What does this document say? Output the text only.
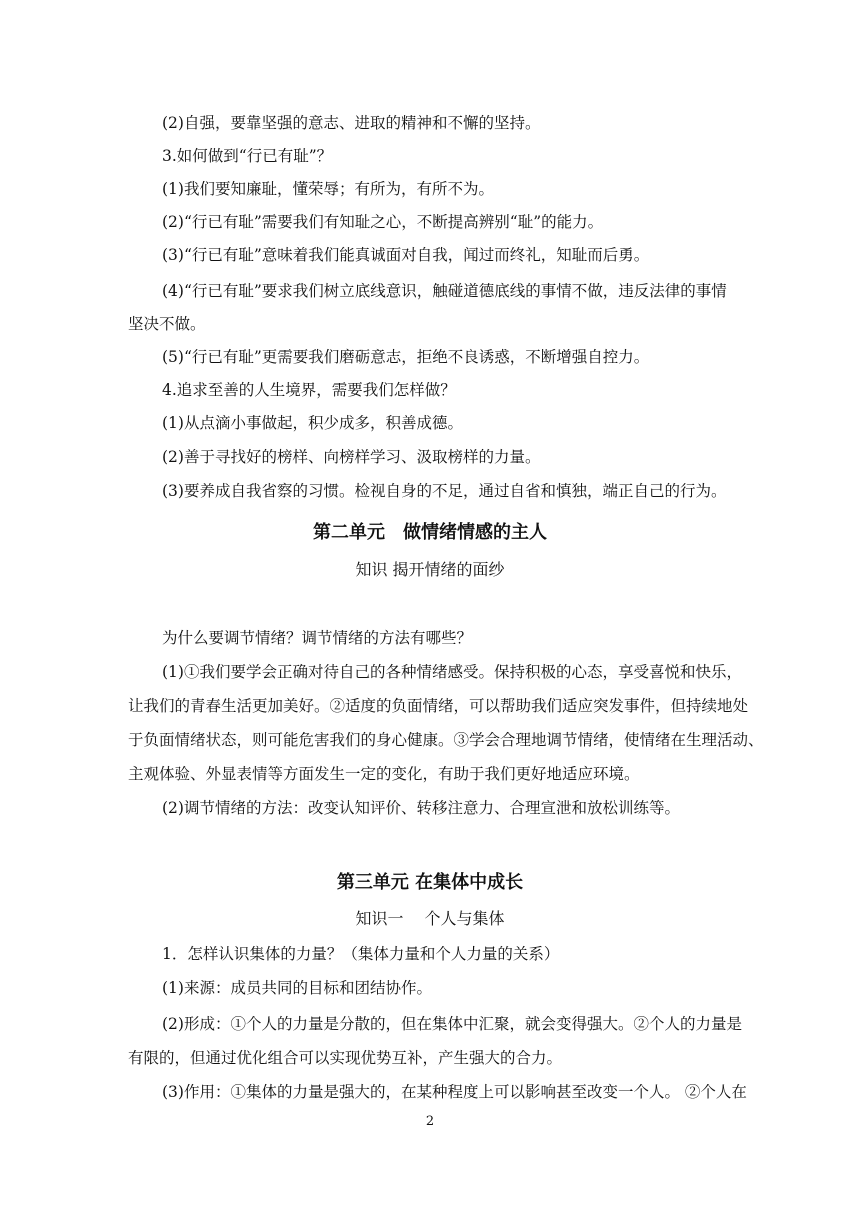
(2)自强，要靠坚强的意志、进取的精神和不懈的坚持。
3.如何做到“行已有耻”？
(1)我们要知廉耻，懂荣辱；有所为，有所不为。
(2)“行已有耻”需要我们有知耻之心，不断提高辨别“耻”的能力。
(3)“行已有耻”意味着我们能真诚面对自我，闻过而终礼，知耻而后勇。
(4)“行已有耻”要求我们树立底线意识，触碰道德底线的事情不做，违反法律的事情
坚决不做。
(5)“行已有耻”更需要我们磨砺意志，拒绝不良诱惑，不断增强自控力。
4.追求至善的人生境界，需要我们怎样做？
(1)从点滴小事做起，积少成多，积善成德。
(2)善于寻找好的榜样、向榜样学习、汲取榜样的力量。
(3)要养成自我省察的习惯。检视自身的不足，通过自省和慎独，端正自己的行为。
第二单元　做情绪情感的主人
知识 揭开情绪的面纱
为什么要调节情绪？调节情绪的方法有哪些？
(1)①我们要学会正确对待自己的各种情绪感受。保持积极的心态，享受喜悦和快乐，
让我们的青春生活更加美好。②适度的负面情绪，可以帮助我们适应突发事件，但持续地处
于负面情绪状态，则可能危害我们的身心健康。③学会合理地调节情绪，使情绪在生理活动、
主观体验、外显表情等方面发生一定的变化，有助于我们更好地适应环境。
(2)调节情绪的方法：改变认知评价、转移注意力、合理宣泄和放松训练等。
第三单元 在集体中成长
知识一　 个人与集体
1．怎样认识集体的力量？（集体力量和个人力量的关系）
(1)来源：成员共同的目标和团结协作。
(2)形成：①个人的力量是分散的，但在集体中汇聚，就会变得强大。②个人的力量是
有限的，但通过优化组合可以实现优势互补，产生强大的合力。
(3)作用：①集体的力量是强大的，在某种程度上可以影响甚至改变一个人。 ②个人在
2
